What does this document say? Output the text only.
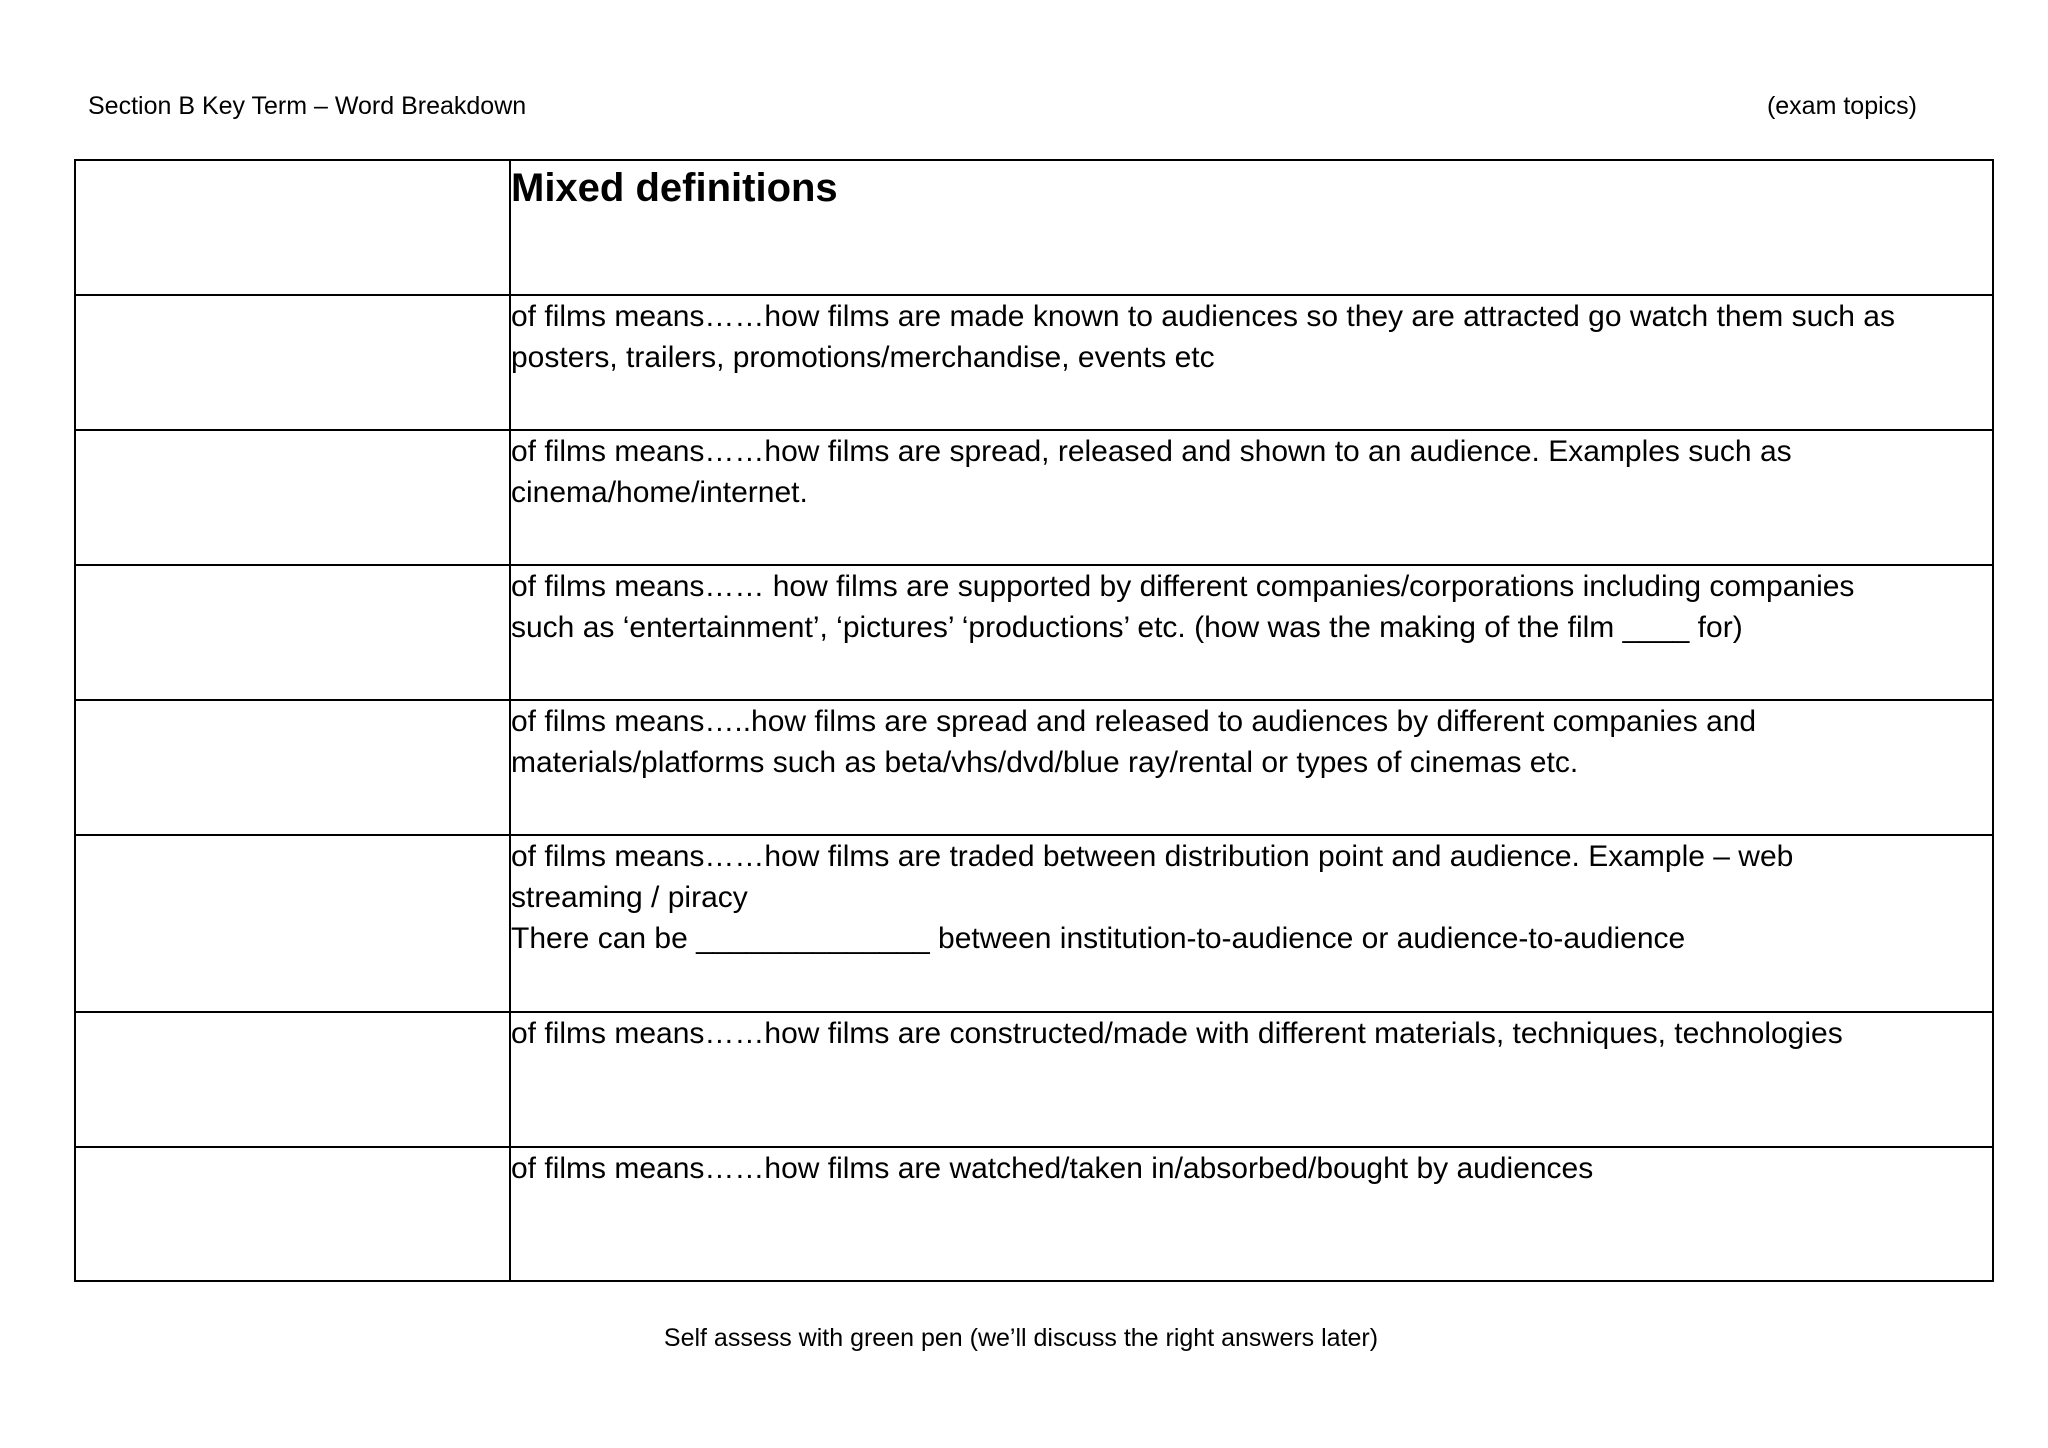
Section B Key Term – Word Breakdown	(exam topics)

	Mixed definitions

	of films means……how films are made known to audiences so they are attracted go watch them such as
posters, trailers, promotions/merchandise, events etc

	of films means……how films are spread, released and shown to an audience. Examples such as
cinema/home/internet.

	of films means…… how films are supported by different companies/corporations including companies
such as ‘entertainment’, ‘pictures’ ‘productions’ etc. (how was the making of the film ____ for)

	of films means…..how films are spread and released to audiences by different companies and
materials/platforms such as beta/vhs/dvd/blue ray/rental or types of cinemas etc.

	of films means……how films are traded between distribution point and audience. Example – web
streaming / piracy
There can be ______________ between institution-to-audience or audience-to-audience

	of films means……how films are constructed/made with different materials, techniques, technologies

	of films means……how films are watched/taken in/absorbed/bought by audiences
Self assess with green pen (we’ll discuss the right answers later)
